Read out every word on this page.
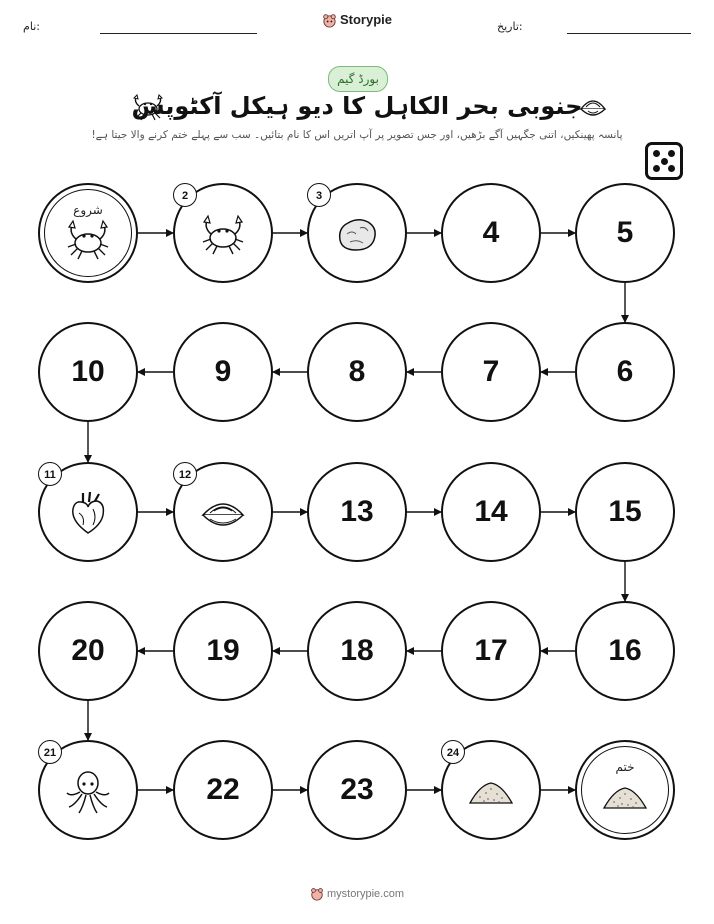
نام:	Storypie	تاریخ:
بورڈ گیم
جنوبی بحر الکاہل کا دیو ہیکل آکٹوپس
پانسہ پھینکیں، اتنی جگہیں آگے بڑھیں، اور جس تصویر پر آپ اتریں اس کا نام بتائیں۔ سب سے پہلے ختم کرنے والا جیتا ہے!
شروع
2	3
4	5
6
7
8
9
10
11	12
13	14	15
16
17
18
19
20
21
22	23
24
ختم
mystorypie.com
